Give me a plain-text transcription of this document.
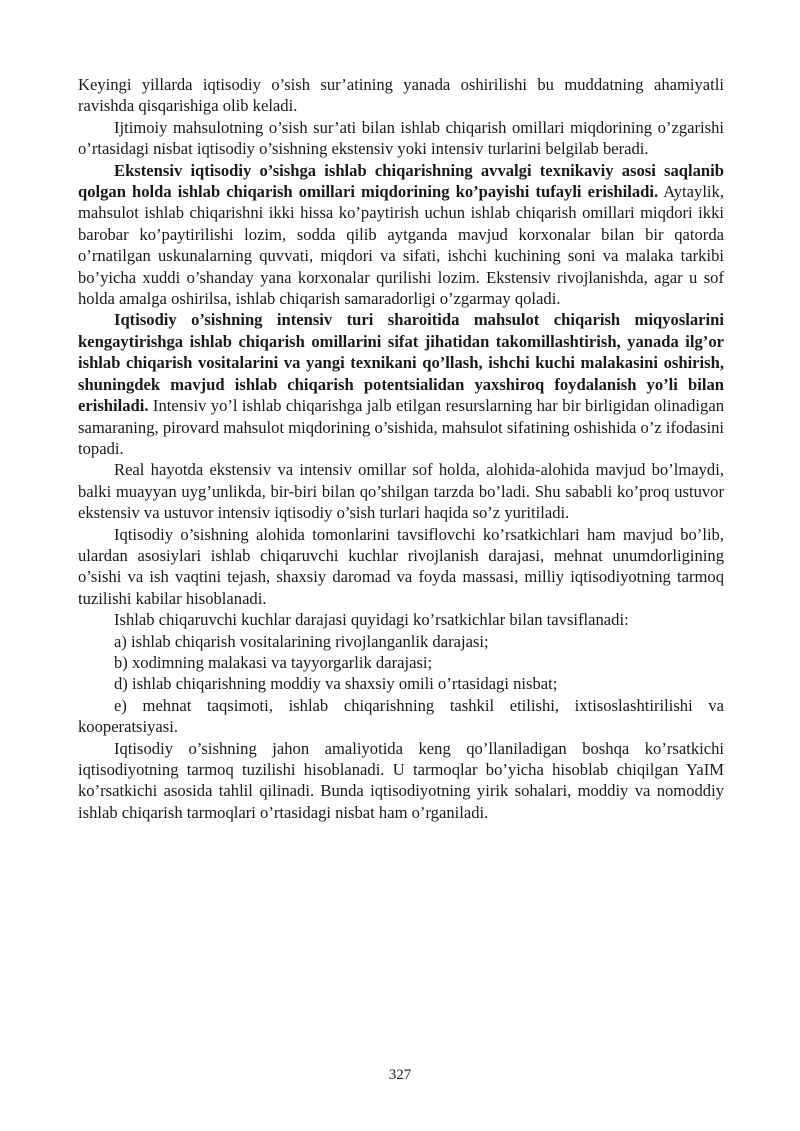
Keyingi yillarda iqtisodiy o’sish sur’atining yanada oshirilishi bu muddatning ahamiyatli ravishda qisqarishiga olib keladi.

Ijtimoiy mahsulotning o’sish sur’ati bilan ishlab chiqarish omillari miqdorining o’zgarishi o’rtasidagi nisbat iqtisodiy o’sishning ekstensiv yoki intensiv turlarini belgilab beradi.

Ekstensiv iqtisodiy o’sishga ishlab chiqarishning avvalgi texnikaviy asosi saqlanib qolgan holda ishlab chiqarish omillari miqdorining ko’payishi tufayli erishiladi. Aytaylik, mahsulot ishlab chiqarishni ikki hissa ko’paytirish uchun ishlab chiqarish omillari miqdori ikki barobar ko’paytirilishi lozim, sodda qilib aytganda mavjud korxonalar bilan bir qatorda o’rnatilgan uskunalarning quvvati, miqdori va sifati, ishchi kuchining soni va malaka tarkibi bo’yicha xuddi o’shanday yana korxonalar qurilishi lozim. Ekstensiv rivojlanishda, agar u sof holda amalga oshirilsa, ishlab chiqarish samaradorligi o’zgarmay qoladi.

Iqtisodiy o’sishning intensiv turi sharoitida mahsulot chiqarish miqyoslarini kengaytirishga ishlab chiqarish omillarini sifat jihatidan takomillashtirish, yanada ilg’or ishlab chiqarish vositalarini va yangi texnikani qo’llash, ishchi kuchi malakasini oshirish, shuningdek mavjud ishlab chiqarish potentsialidan yaxshiroq foydalanish yo’li bilan erishiladi. Intensiv yo’l ishlab chiqarishga jalb etilgan resurslarning har bir birligidan olinadigan samaraning, pirovard mahsulot miqdorining o’sishida, mahsulot sifatining oshishida o’z ifodasini topadi.

Real hayotda ekstensiv va intensiv omillar sof holda, alohida-alohida mavjud bo’lmaydi, balki muayyan uyg’unlikda, bir-biri bilan qo’shilgan tarzda bo’ladi. Shu sababli ko’proq ustuvor ekstensiv va ustuvor intensiv iqtisodiy o’sish turlari haqida so’z yuritiladi.

Iqtisodiy o’sishning alohida tomonlarini tavsiflovchi ko’rsatkichlari ham mavjud bo’lib, ulardan asosiylari ishlab chiqaruvchi kuchlar rivojlanish darajasi, mehnat unumdorligining o’sishi va ish vaqtini tejash, shaxsiy daromad va foyda massasi, milliy iqtisodiyotning tarmoq tuzilishi kabilar hisoblanadi.

Ishlab chiqaruvchi kuchlar darajasi quyidagi ko’rsatkichlar bilan tavsiflanadi:

a) ishlab chiqarish vositalarining rivojlanganlik darajasi;

b) xodimning malakasi va tayyorgarlik darajasi;

d) ishlab chiqarishning moddiy va shaxsiy omili o’rtasidagi nisbat;

e) mehnat taqsimoti, ishlab chiqarishning tashkil etilishi, ixtisoslashtirilishi va kooperatsiyasi.

Iqtisodiy o’sishning jahon amaliyotida keng qo’llaniladigan boshqa ko’rsatkichi iqtisodiyotning tarmoq tuzilishi hisoblanadi. U tarmoqlar bo’yicha hisoblab chiqilgan YaIM ko’rsatkichi asosida tahlil qilinadi. Bunda iqtisodiyotning yirik sohalari, moddiy va nomoddiy ishlab chiqarish tarmoqlari o’rtasidagi nisbat ham o’rganiladi.

327
